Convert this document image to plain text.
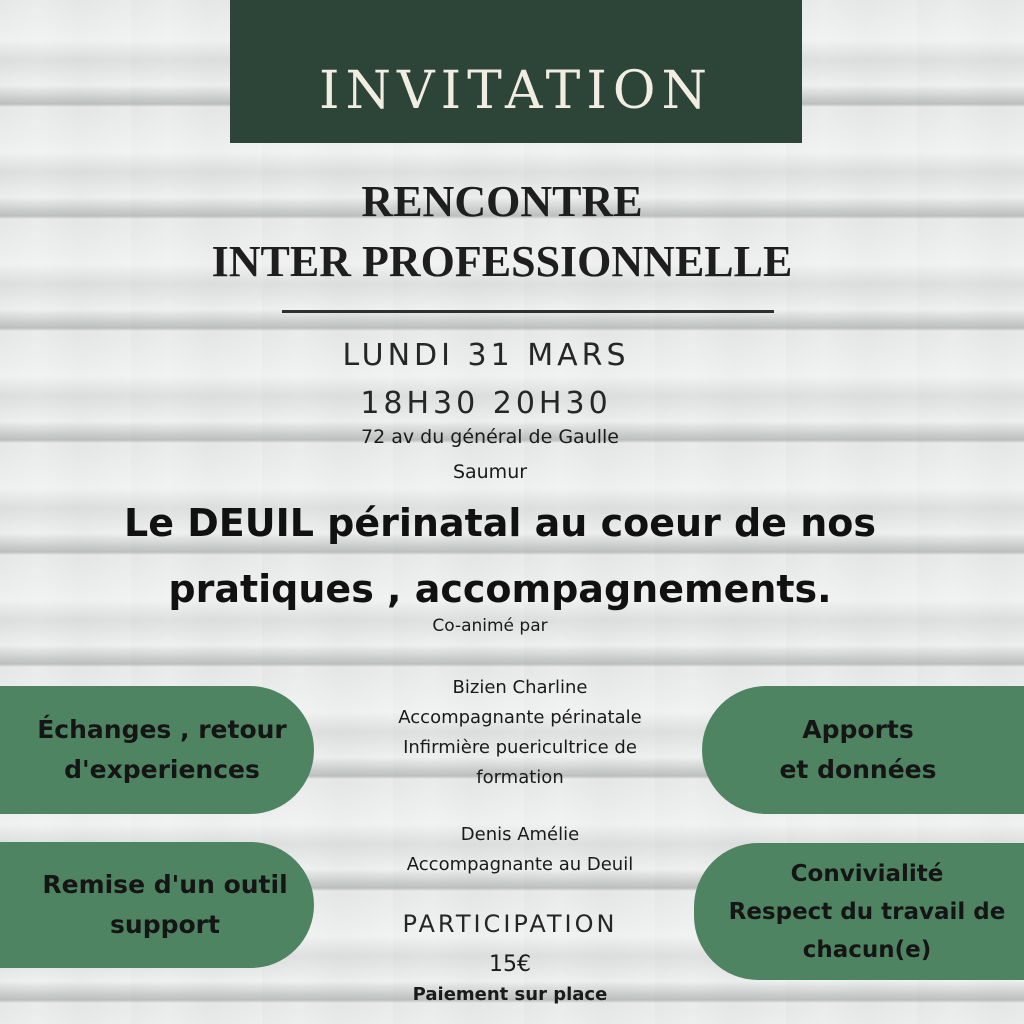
INVITATION
RENCONTRE
INTER PROFESSIONNELLE
LUNDI 31 MARS
18H30 20H30
72 av du général de Gaulle
Saumur
Le DEUIL périnatal au coeur de nos
pratiques , accompagnements.
Co-animé par
Bizien Charline
Accompagnante périnatale
Infirmière puericultrice de
formation
Denis Amélie
Accompagnante au Deuil
PARTICIPATION
15€
Paiement sur place
Échanges , retour
d'experiences
Remise d'un outil
support
Apports
et données
Convivialité
Respect du travail de
chacun(e)
